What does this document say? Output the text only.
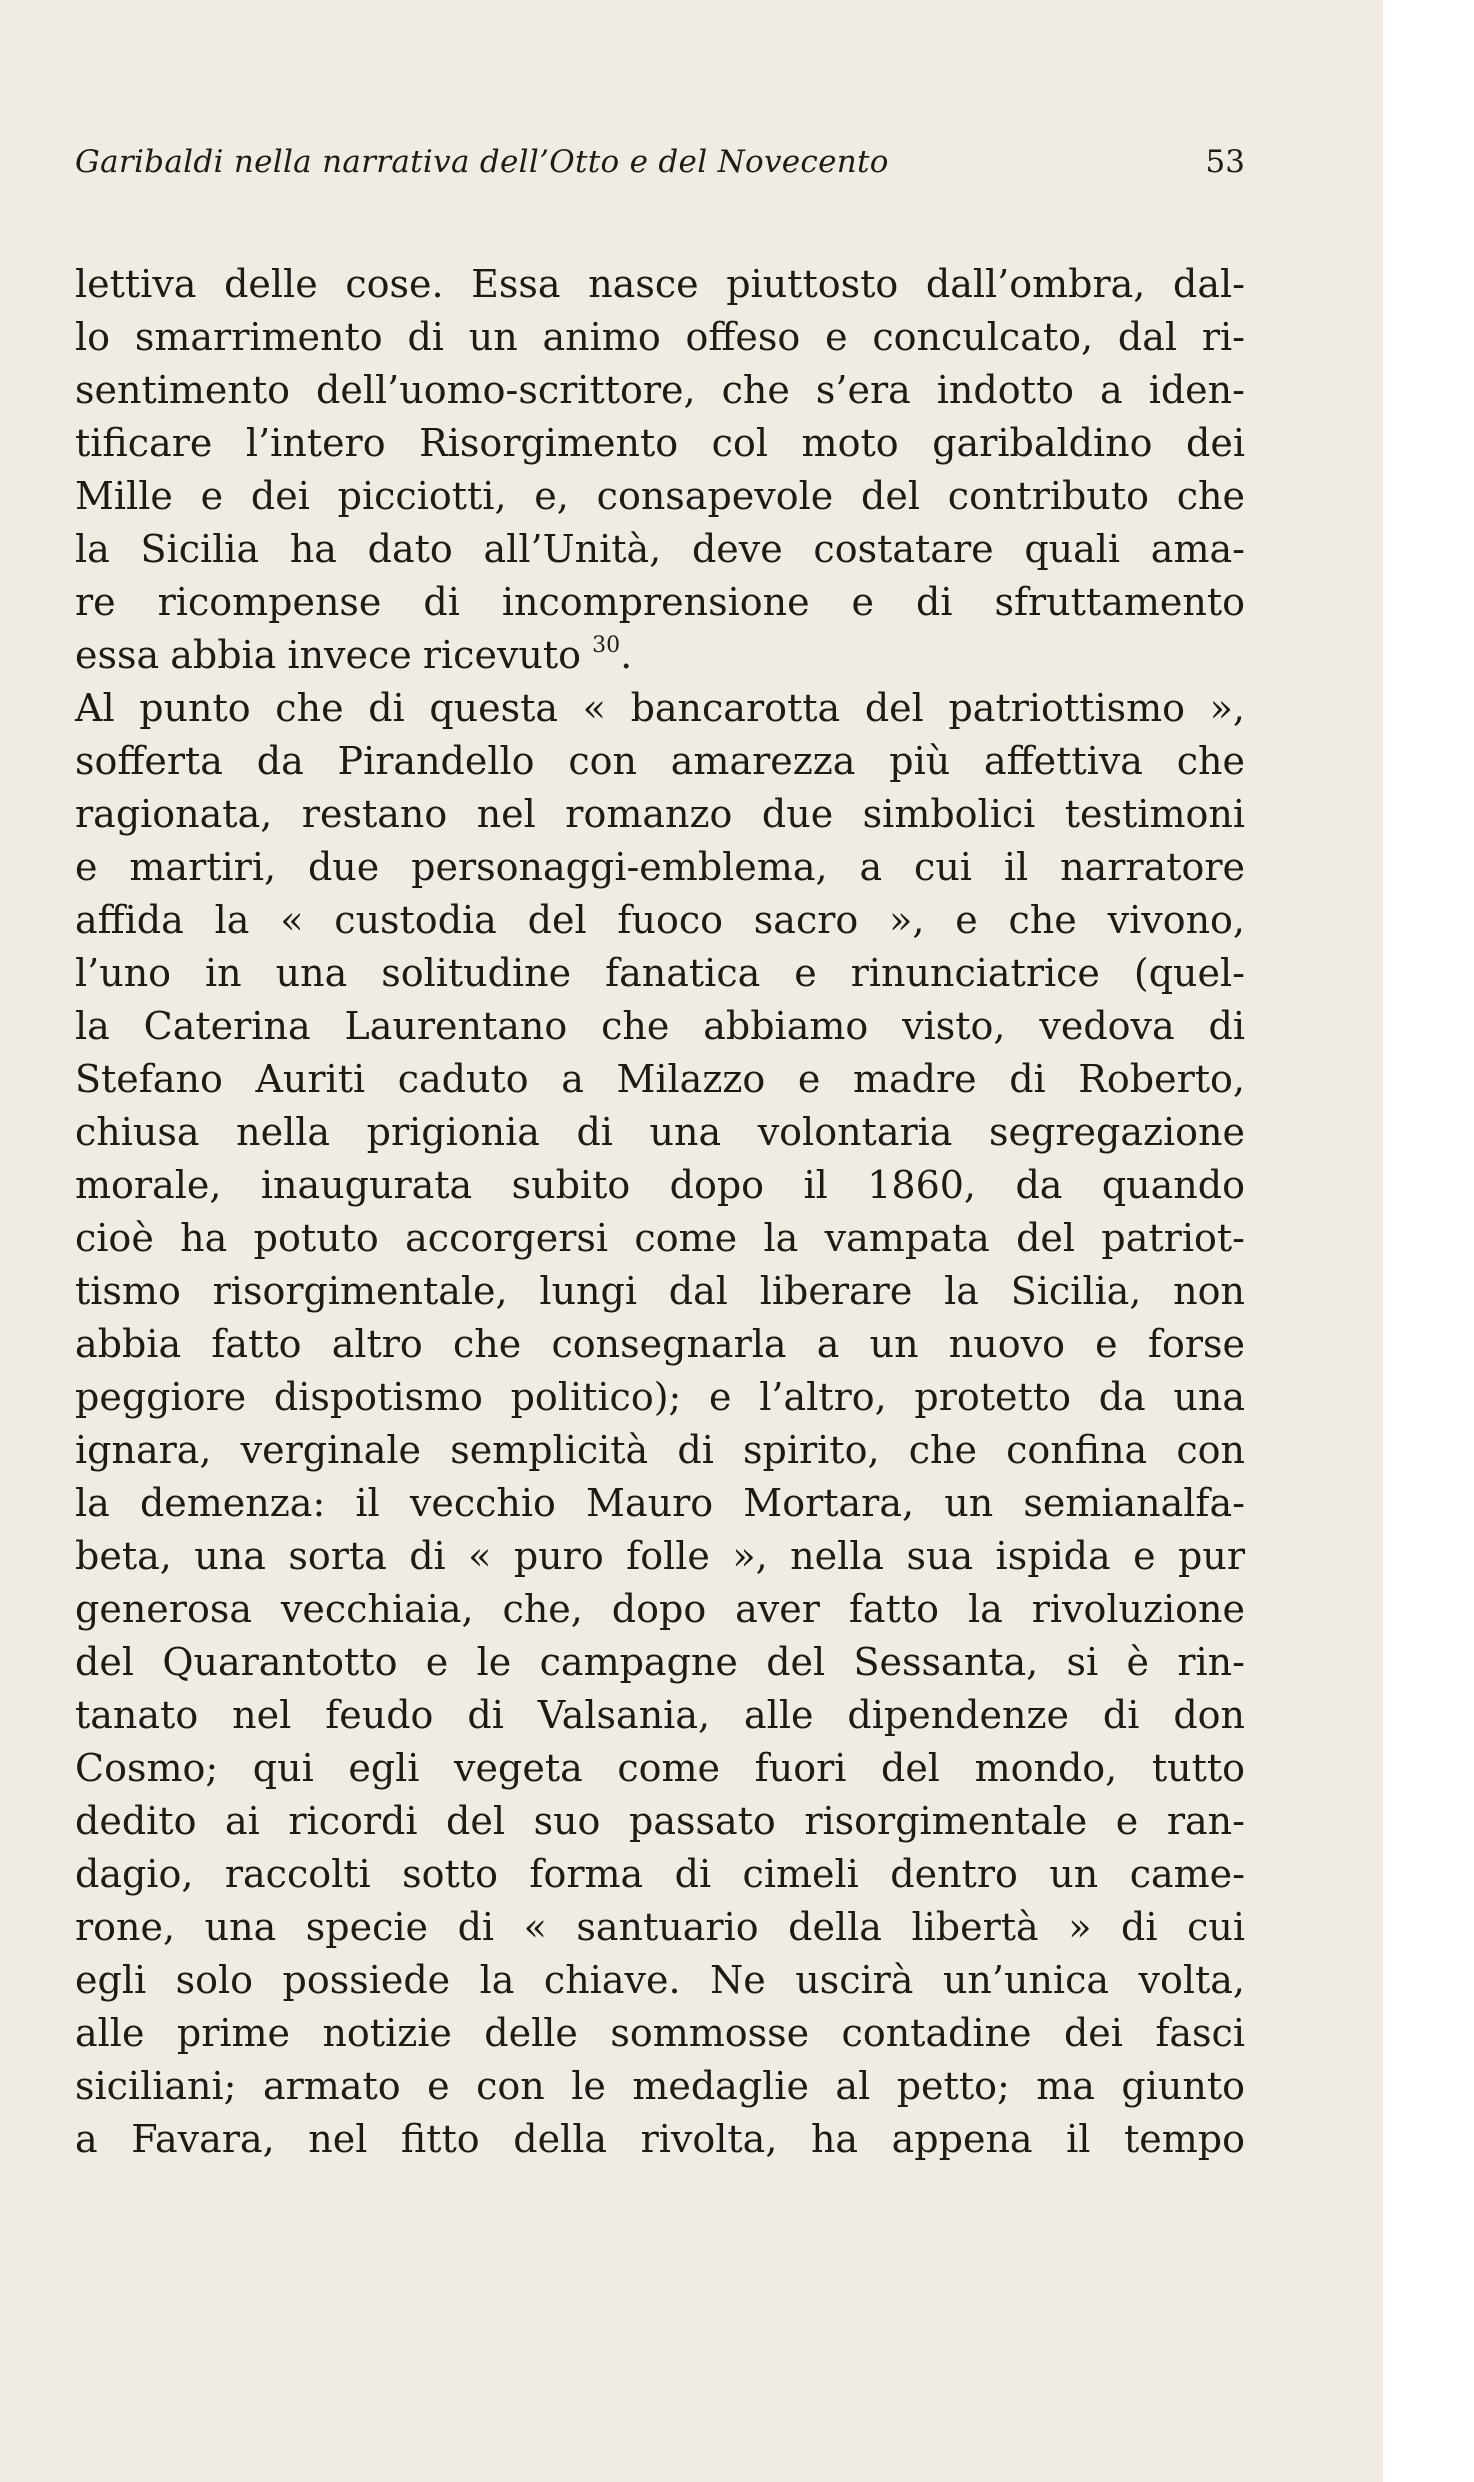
Garibaldi nella narrativa dell’Otto e del Novecento	53
lettiva delle cose. Essa nasce piuttosto dall’ombra, dal-
lo smarrimento di un animo offeso e conculcato, dal ri-
sentimento dell’uomo-scrittore, che s’era indotto a iden-
tificare l’intero Risorgimento col moto garibaldino dei
Mille e dei picciotti, e, consapevole del contributo che
la Sicilia ha dato all’Unità, deve costatare quali ama-
re ricompense di incomprensione e di sfruttamento
essa abbia invece ricevuto $^{30}$.
Al punto che di questa « bancarotta del patriottismo »,
sofferta da Pirandello con amarezza più affettiva che
ragionata, restano nel romanzo due simbolici testimoni
e martiri, due personaggi-emblema, a cui il narratore
affida la « custodia del fuoco sacro », e che vivono,
l’uno in una solitudine fanatica e rinunciatrice (quel-
la Caterina Laurentano che abbiamo visto, vedova di
Stefano Auriti caduto a Milazzo e madre di Roberto,
chiusa nella prigionia di una volontaria segregazione
morale, inaugurata subito dopo il 1860, da quando
cioè ha potuto accorgersi come la vampata del patriot-
tismo risorgimentale, lungi dal liberare la Sicilia, non
abbia fatto altro che consegnarla a un nuovo e forse
peggiore dispotismo politico); e l’altro, protetto da una
ignara, verginale semplicità di spirito, che confina con
la demenza: il vecchio Mauro Mortara, un semianalfa-
beta, una sorta di « puro folle », nella sua ispida e pur
generosa vecchiaia, che, dopo aver fatto la rivoluzione
del Quarantotto e le campagne del Sessanta, si è rin-
tanato nel feudo di Valsania, alle dipendenze di don
Cosmo; qui egli vegeta come fuori del mondo, tutto
dedito ai ricordi del suo passato risorgimentale e ran-
dagio, raccolti sotto forma di cimeli dentro un came-
rone, una specie di « santuario della libertà » di cui
egli solo possiede la chiave. Ne uscirà un’unica volta,
alle prime notizie delle sommosse contadine dei fasci
siciliani; armato e con le medaglie al petto; ma giunto
a Favara, nel fitto della rivolta, ha appena il tempo
